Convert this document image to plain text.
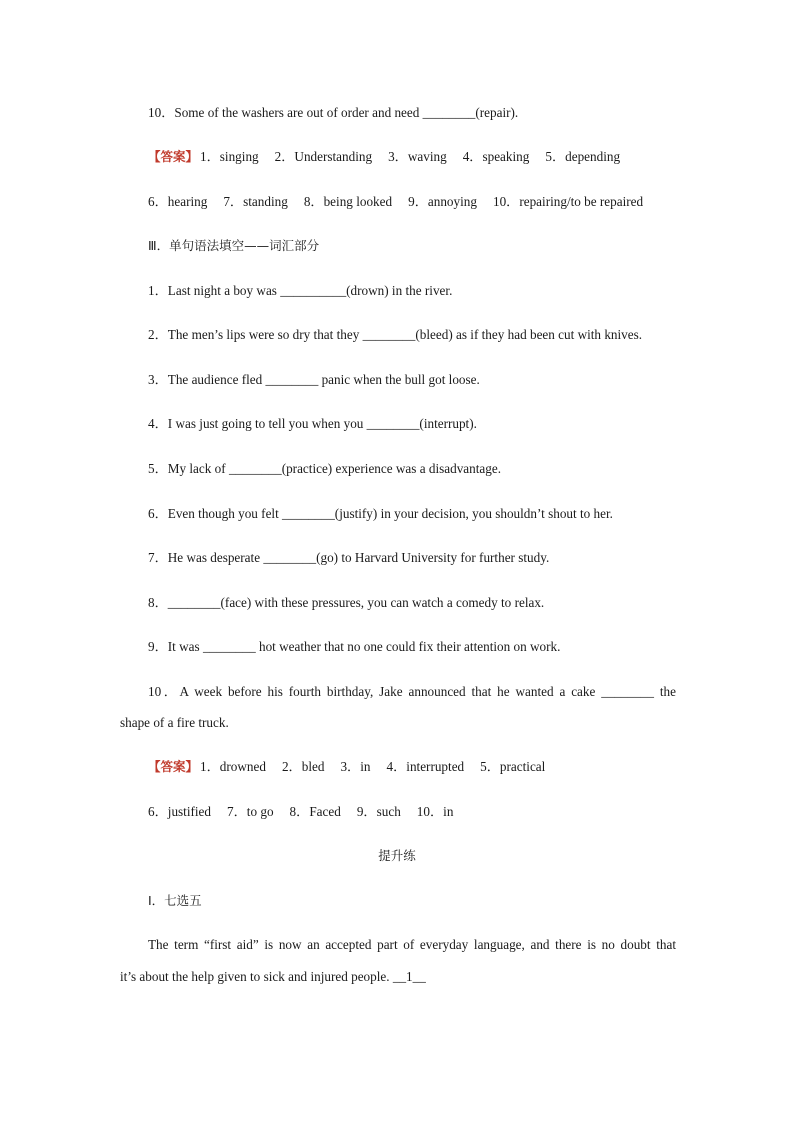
10．Some of the washers are out of order and need ________(repair).
【答案】 1．singing 2．Understanding 3．waving 4．speaking 5．depending
6．hearing 7．standing 8．being looked 9．annoying 10．repairing/to be repaired
Ⅲ．单句语法填空——词汇部分
1．Last night a boy was __________(drown) in the river.
2．The men’s lips were so dry that they ________(bleed) as if they had been cut with knives.
3．The audience fled ________ panic when the bull got loose.
4．I was just going to tell you when you ________(interrupt).
5．My lack of ________(practice) experience was a disadvantage.
6．Even though you felt ________(justify) in your decision, you shouldn’t shout to her.
7．He was desperate ________(go) to Harvard University for further study.
8．________(face) with these pressures, you can watch a comedy to relax.
9．It was ________ hot weather that no one could fix their attention on work.
10．A week before his fourth birthday, Jake announced that he wanted a cake ________ the
shape of a fire truck.
【答案】 1．drowned 2．bled 3．in 4．interrupted 5．practical
6．justified 7．to go 8．Faced 9．such 10．in
提升练
Ⅰ．七选五
The term “first aid” is now an accepted part of everyday language, and there is no doubt that
it’s about the help given to sick and injured people. __1__
